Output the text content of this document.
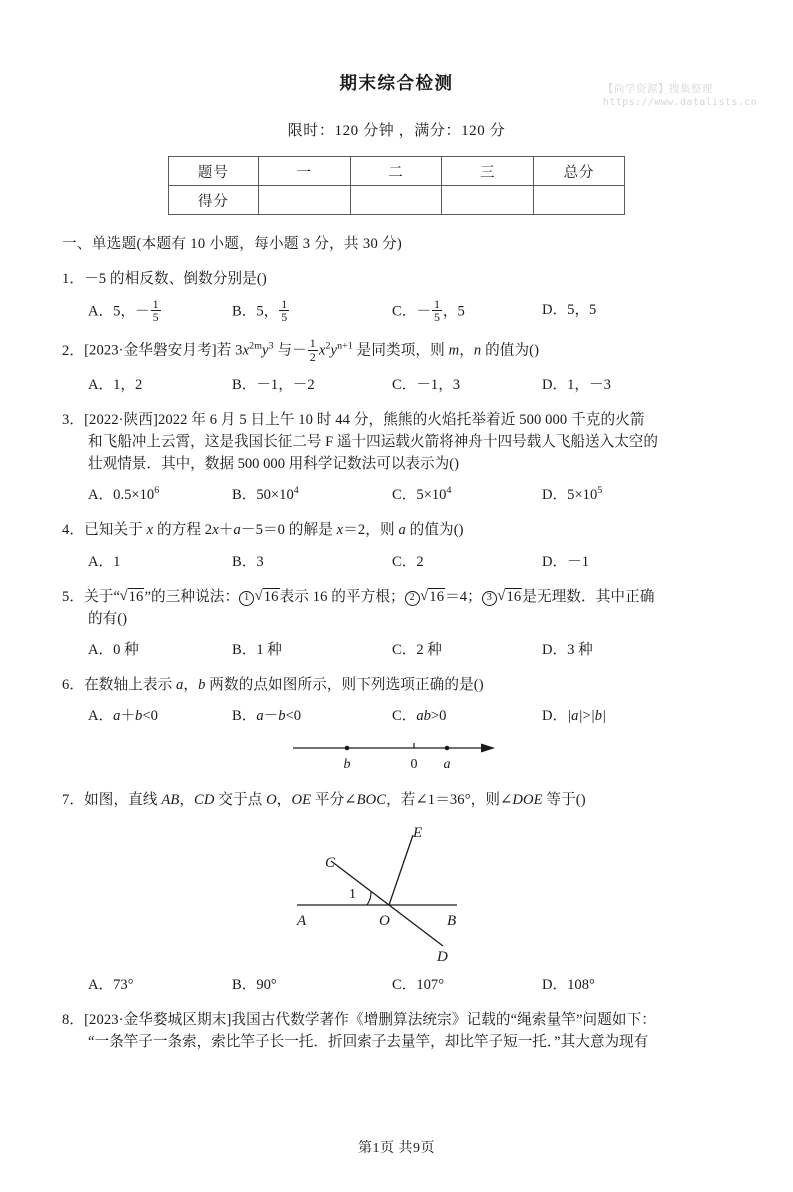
【尚学资源】搜集整理
https://www.datalists.cn
期末综合检测
限时：120 分钟 ，满分：120 分
题号	一	二	三	总分
得分				
一、单选题(本题有 10 小题，每小题 3 分，共 30 分)
1．－5 的相反数、倒数分别是()
A．5，－ $\frac{1}{5}$	B．5， $\frac{1}{5}$	C．－ $\frac{1}{5}$ ，5	D．5，5
2．[2023·金华磐安月考]若 $3x^{2m}y^3$ 与－ $\frac{1}{2} x^2y^{n+1}$ 是同类项，则 m，n 的值为()
A．1，2	B．－1，－2	C．－1，3	D．1，－3
3．[2022·陕西]2022 年 6 月 5 日上午 10 时 44 分，熊熊的火焰托举着近 500 000 千克的火箭
和飞船冲上云霄，这是我国长征二号 F 遥十四运载火箭将神舟十四号载人飞船送入太空的
壮观情景．其中，数据 500 000 用科学记数法可以表示为()
A．$0.5\times 10^6$	B．$50\times 10^4$	C．$5\times 10^4$	D．$5\times 10^5$
4．已知关于 x 的方程 2x＋a－5＝0 的解是 x＝2，则 a 的值为()
A．1	B．3	C．2	D．－1
5．关于“ √ 16”的三种说法： 1 √ 16表示 16 的平方根； 2 √ 16＝4； 3 √ 16是无理数．其中正确
的有()
A．0 种	B．1 种	C．2 种	D．3 种
6．在数轴上表示 a，b 两数的点如图所示，则下列选项正确的是()
A．a＋b<0	B．a－b<0	C．ab>0	D．|a|>|b|
b	0 a
7．如图，直线 AB，CD 交于点 O，OE 平分∠BOC，若∠1＝36°，则∠DOE 等于()
C
E
1
A	O	B
D
A．73°	B．90°	C．107°	D．108°
8．[2023·金华婺城区期末]我国古代数学著作《增删算法统宗》记载的“绳索量竿”问题如下：
“一条竿子一条索，索比竿子长一托．折回索子去量竿，却比竿子短一托．”其大意为现有
第1页 共9页
